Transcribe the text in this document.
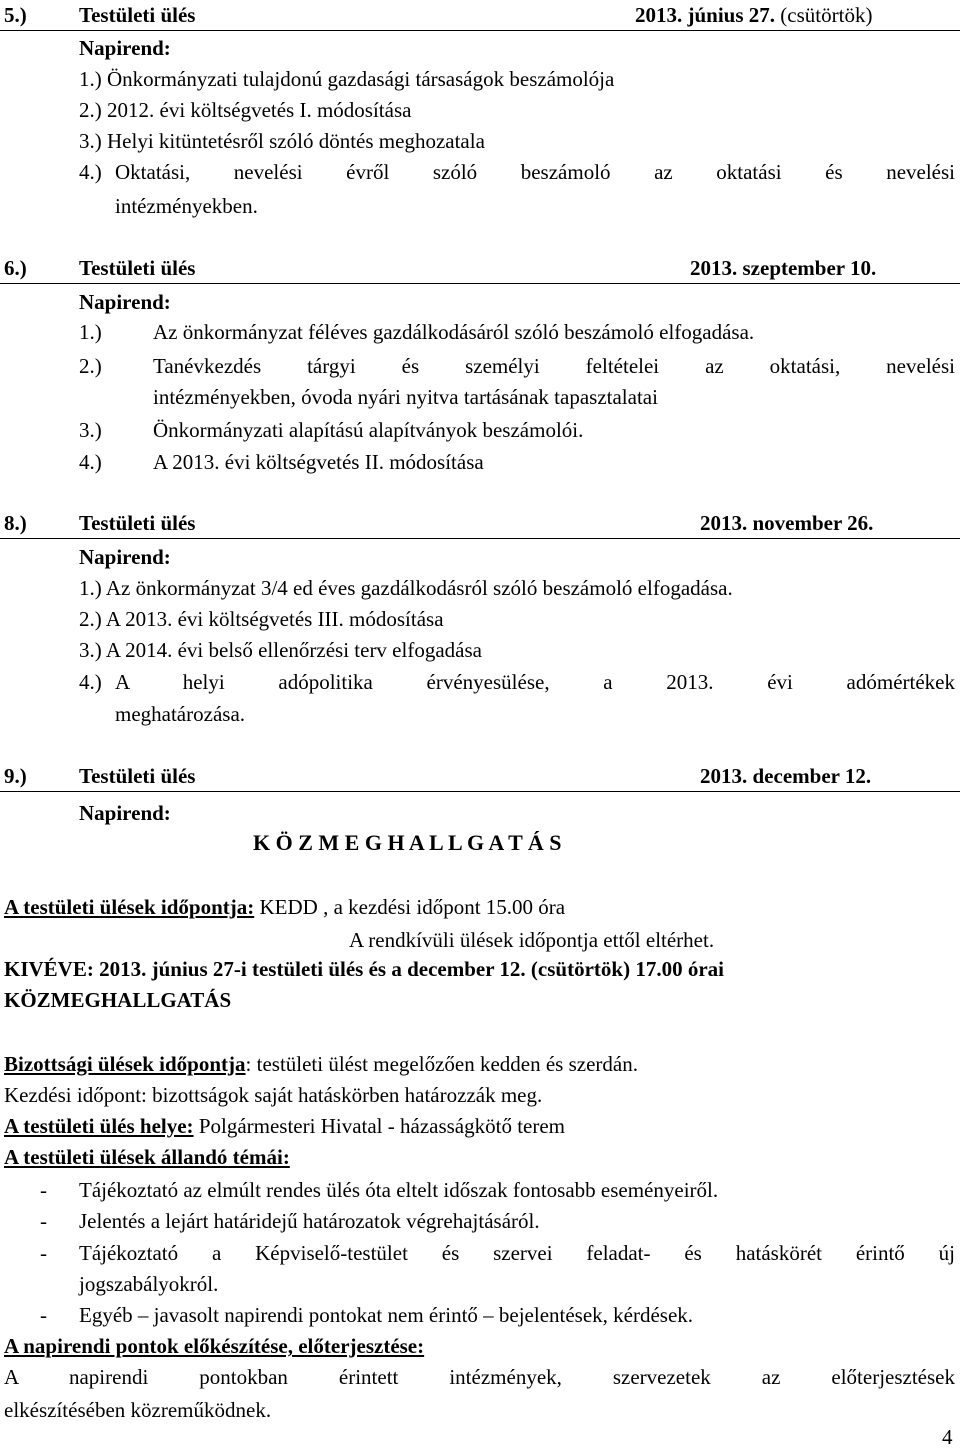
5.) Testületi ülés	2013. június 27. (csütörtök)
Napirend:
1.) Önkormányzati tulajdonú gazdasági társaságok beszámolója
2.) 2012. évi költségvetés I. módosítása
3.) Helyi kitüntetésről szóló döntés meghozatala
4.) Oktatási, nevelési évről szóló beszámoló az oktatási és nevelési
intézményekben.
6.) Testületi ülés	2013. szeptember 10.
Napirend:
1.) Az önkormányzat féléves gazdálkodásáról szóló beszámoló elfogadása.
2.) Tanévkezdés tárgyi és személyi feltételei az oktatási, nevelési
intézményekben, óvoda nyári nyitva tartásának tapasztalatai
3.) Önkormányzati alapítású alapítványok beszámolói.
4.) A 2013. évi költségvetés II. módosítása
8.) Testületi ülés	2013. november 26.
Napirend:
1.) Az önkormányzat 3/4 ed éves gazdálkodásról szóló beszámoló elfogadása.
2.) A 2013. évi költségvetés III. módosítása
3.) A 2014. évi belső ellenőrzési terv elfogadása
4.) A helyi adópolitika érvényesülése, a 2013. évi adómértékek
meghatározása.
9.) Testületi ülés	2013. december 12.
Napirend:
K Ö Z M E G H A L L G A T Á S
A testületi ülések időpontja: KEDD , a kezdési időpont 15.00 óra
A rendkívüli ülések időpontja ettől eltérhet.
KIVÉVE: 2013. június 27-i testületi ülés és a december 12. (csütörtök) 17.00 órai
KÖZMEGHALLGATÁS
Bizottsági ülések időpontja: testületi ülést megelőzően kedden és szerdán.
Kezdési időpont: bizottságok saját hatáskörben határozzák meg.
A testületi ülés helye: Polgármesteri Hivatal - házasságkötő terem
A testületi ülések állandó témái:
- Tájékoztató az elmúlt rendes ülés óta eltelt időszak fontosabb eseményeiről.
- Jelentés a lejárt határidejű határozatok végrehajtásáról.
- Tájékoztató a Képviselő-testület és szervei feladat- és hatáskörét érintő új
jogszabályokról.
- Egyéb – javasolt napirendi pontokat nem érintő – bejelentések, kérdések.
A napirendi pontok előkészítése, előterjesztése:
A napirendi pontokban érintett intézmények, szervezetek az előterjesztések
elkészítésében közreműködnek.
4
